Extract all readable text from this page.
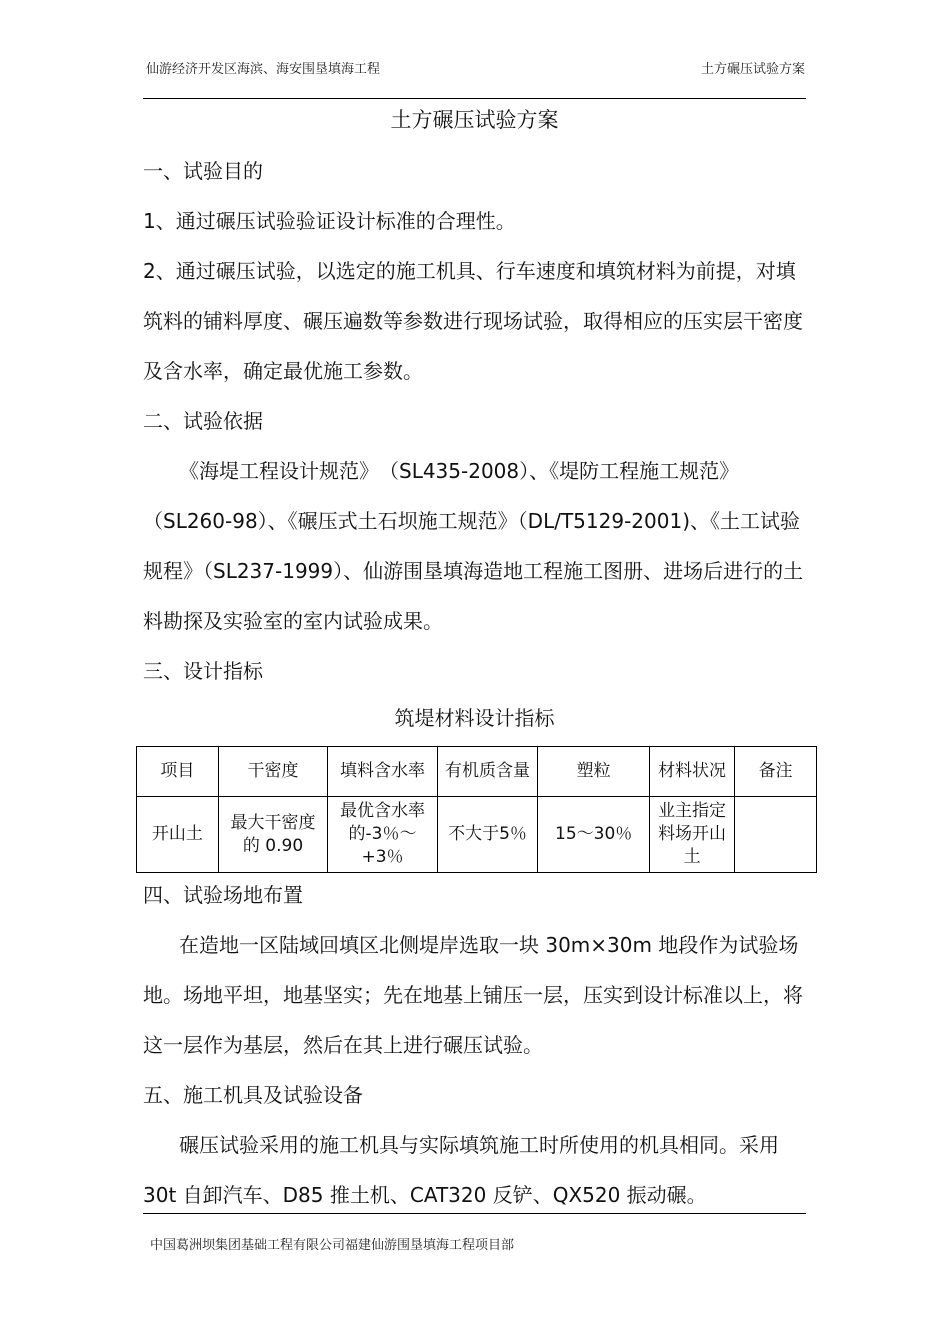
仙游经济开发区海滨、海安围垦填海工程	土方碾压试验方案
土方碾压试验方案

一、试验目的

1、通过碾压试验验证设计标准的合理性。

2、通过碾压试验，以选定的施工机具、行车速度和填筑材料为前提，对填筑料的铺料厚度、碾压遍数等参数进行现场试验，取得相应的压实层干密度及含水率，确定最优施工参数。

二、试验依据

《海堤工程设计规范》　（SL435-2008）、《堤防工程施工规范》（SL260-98）、《碾压式土石坝施工规范》（DL/T5129-2001)、《土工试验规程》（SL237-1999）、仙游围垦填海造地工程施工图册、进场后进行的土料勘探及实验室的室内试验成果。

三、设计指标

筑堤材料设计指标
项目	干密度	填料含水率	有机质含量	塑粒	材料状况	备注
开山土	最大干密度的 0.90	最优含水率的-3％～+3％	不大于5％	15～30％	业主指定料场开山土	

四、试验场地布置

在造地一区陆域回填区北侧堤岸选取一块 30m×30m 地段作为试验场地。场地平坦，地基坚实；先在地基上铺压一层，压实到设计标准以上，将这一层作为基层，然后在其上进行碾压试验。

五、施工机具及试验设备

碾压试验采用的施工机具与实际填筑施工时所使用的机具相同。采用 30t 自卸汽车、D85 推土机、CAT320 反铲、QX520 振动碾。

中国葛洲坝集团基础工程有限公司福建仙游围垦填海工程项目部
